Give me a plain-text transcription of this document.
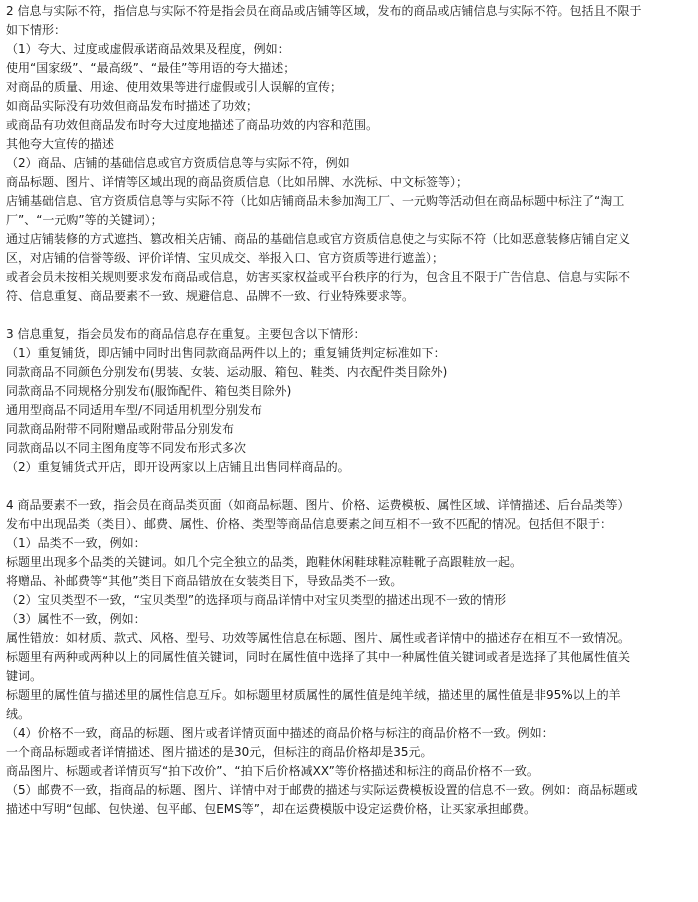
2 信息与实际不符，指信息与实际不符是指会员在商品或店铺等区域，发布的商品或店铺信息与实际不符。包括且不限于
如下情形：
（1）夸大、过度或虚假承诺商品效果及程度，例如：
使用“国家级”、“最高级”、“最佳”等用语的夸大描述；
对商品的质量、用途、使用效果等进行虚假或引人误解的宣传；
如商品实际没有功效但商品发布时描述了功效；
或商品有功效但商品发布时夸大过度地描述了商品功效的内容和范围。
其他夸大宣传的描述
（2）商品、店铺的基础信息或官方资质信息等与实际不符，例如
商品标题、图片、详情等区域出现的商品资质信息（比如吊牌、水洗标、中文标签等）；
店铺基础信息、官方资质信息等与实际不符（比如店铺商品未参加淘工厂、一元购等活动但在商品标题中标注了“淘工
厂”、“一元购”等的关键词）；
通过店铺装修的方式遮挡、篡改相关店铺、商品的基础信息或官方资质信息使之与实际不符（比如恶意装修店铺自定义
区，对店铺的信誉等级、评价详情、宝贝成交、举报入口、官方资质等进行遮盖）；
或者会员未按相关规则要求发布商品或信息，妨害买家权益或平台秩序的行为，包含且不限于广告信息、信息与实际不
符、信息重复、商品要素不一致、规避信息、品牌不一致、行业特殊要求等。
3 信息重复，指会员发布的商品信息存在重复。主要包含以下情形：
（1）重复铺货，即店铺中同时出售同款商品两件以上的；重复铺货判定标准如下：
同款商品不同颜色分别发布(男装、女装、运动服、箱包、鞋类、内衣配件类目除外)
同款商品不同规格分别发布(服饰配件、箱包类目除外)
通用型商品不同适用车型/不同适用机型分别发布
同款商品附带不同附赠品或附带品分别发布
同款商品以不同主图角度等不同发布形式多次
（2）重复铺货式开店，即开设两家以上店铺且出售同样商品的。
4 商品要素不一致，指会员在商品类页面（如商品标题、图片、价格、运费模板、属性区域、详情描述、后台品类等）
发布中出现品类（类目）、邮费、属性、价格、类型等商品信息要素之间互相不一致不匹配的情况。包括但不限于：
（1）品类不一致，例如：
标题里出现多个品类的关键词。如几个完全独立的品类，跑鞋休闲鞋球鞋凉鞋靴子高跟鞋放一起。
将赠品、补邮费等“其他”类目下商品错放在女装类目下，导致品类不一致。
（2）宝贝类型不一致，“宝贝类型”的选择项与商品详情中对宝贝类型的描述出现不一致的情形
（3）属性不一致，例如：
属性错放：如材质、款式、风格、型号、功效等属性信息在标题、图片、属性或者详情中的描述存在相互不一致情况。
标题里有两种或两种以上的同属性值关键词，同时在属性值中选择了其中一种属性值关键词或者是选择了其他属性值关
键词。
标题里的属性值与描述里的属性信息互斥。如标题里材质属性的属性值是纯羊绒，描述里的属性值是非95%以上的羊
绒。
（4）价格不一致，商品的标题、图片或者详情页面中描述的商品价格与标注的商品价格不一致。例如：
一个商品标题或者详情描述、图片描述的是30元，但标注的商品价格却是35元。
商品图片、标题或者详情页写“拍下改价”、“拍下后价格减XX”等价格描述和标注的商品价格不一致。
（5）邮费不一致，指商品的标题、图片、详情中对于邮费的描述与实际运费模板设置的信息不一致。例如：商品标题或
描述中写明“包邮、包快递、包平邮、包EMS等”，却在运费模版中设定运费价格，让买家承担邮费。
